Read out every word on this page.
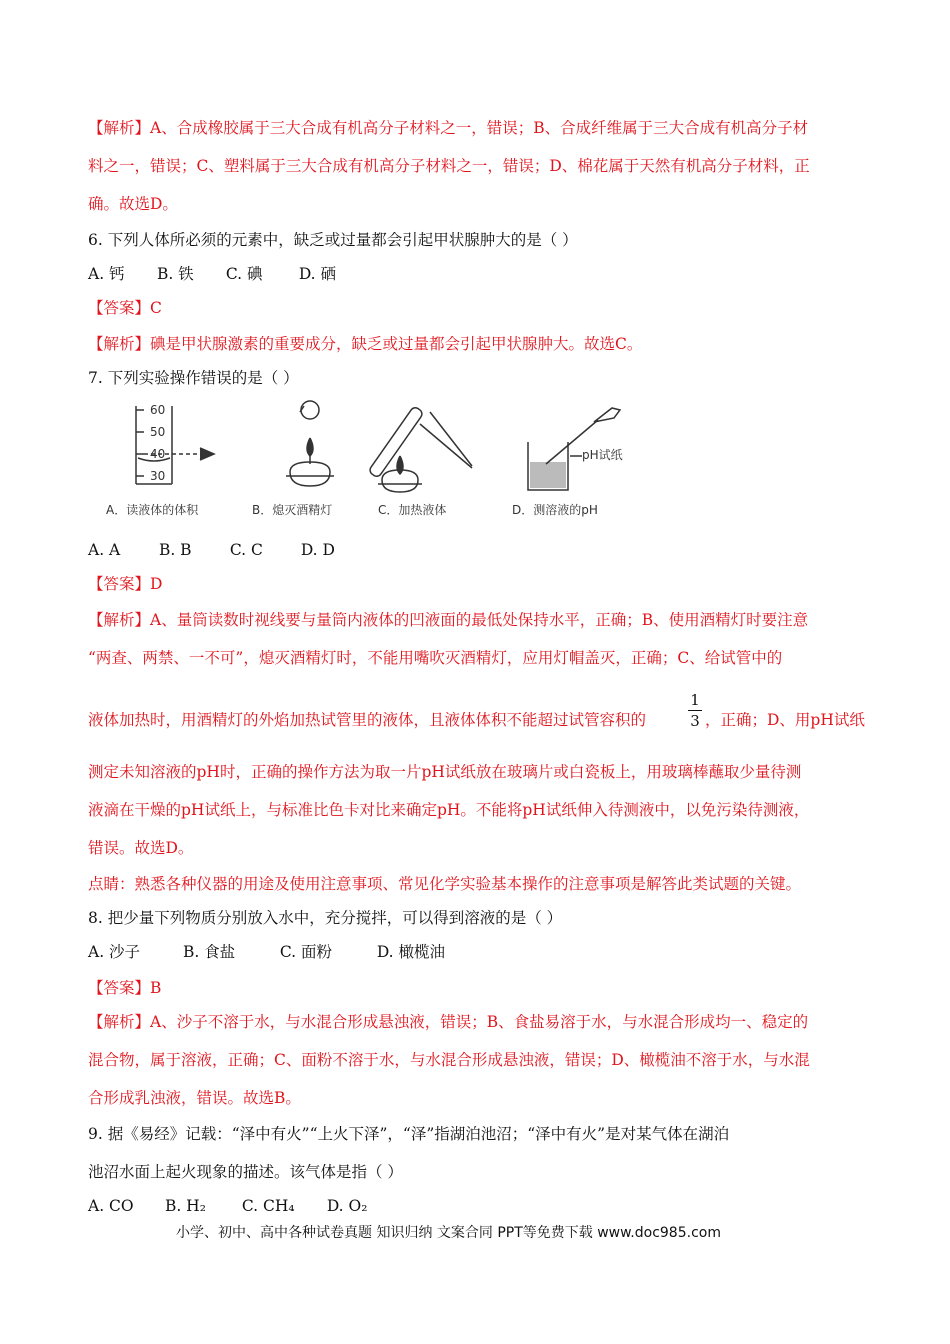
【解析】A、合成橡胶属于三大合成有机高分子材料之一，错误；B、合成纤维属于三大合成有机高分子材
料之一，错误；C、塑料属于三大合成有机高分子材料之一，错误；D、棉花属于天然有机高分子材料，正
确。故选D。
6. 下列人体所必须的元素中，缺乏或过量都会引起甲状腺肿大的是（ ）
A. 钙 B. 铁 C. 碘 D. 硒
【答案】C
【解析】碘是甲状腺激素的重要成分，缺乏或过量都会引起甲状腺肿大。故选C。
7. 下列实验操作错误的是（ ）
60
50
40
30
pH试纸
A．读液体的体积	B．熄灭酒精灯	C．加热液体	D．测溶液的pH
A. A B. B C. C D. D
【答案】D
【解析】A、量筒读数时视线要与量筒内液体的凹液面的最低处保持水平，正确；B、使用酒精灯时要注意
“两查、两禁、一不可”，熄灭酒精灯时，不能用嘴吹灭酒精灯，应用灯帽盖灭，正确；C、给试管中的
液体加热时，用酒精灯的外焰加热试管里的液体，且液体体积不能超过试管容积的
1
3 ，正确；D、用pH试纸
测定未知溶液的pH时，正确的操作方法为取一片pH试纸放在玻璃片或白瓷板上，用玻璃棒蘸取少量待测
液滴在干燥的pH试纸上，与标准比色卡对比来确定pH。不能将pH试纸伸入待测液中，以免污染待测液，
错误。故选D。
点睛：熟悉各种仪器的用途及使用注意事项、常见化学实验基本操作的注意事项是解答此类试题的关键。
8. 把少量下列物质分别放入水中，充分搅拌，可以得到溶液的是（ ）
A. 沙子	B. 食盐	C. 面粉	D. 橄榄油
【答案】B
【解析】A、沙子不溶于水，与水混合形成悬浊液，错误；B、食盐易溶于水，与水混合形成均一、稳定的
混合物，属于溶液，正确；C、面粉不溶于水，与水混合形成悬浊液，错误；D、橄榄油不溶于水，与水混
合形成乳浊液，错误。故选B。
9. 据《易经》记载：“泽中有火”“上火下泽”，“泽”指湖泊池沼；“泽中有火”是对某气体在湖泊
池沼水面上起火现象的描述。该气体是指（ ）
A. CO B. H₂ C. CH₄ D. O₂
小学、初中、高中各种试卷真题 知识归纳 文案合同 PPT等免费下载 www.doc985.com
